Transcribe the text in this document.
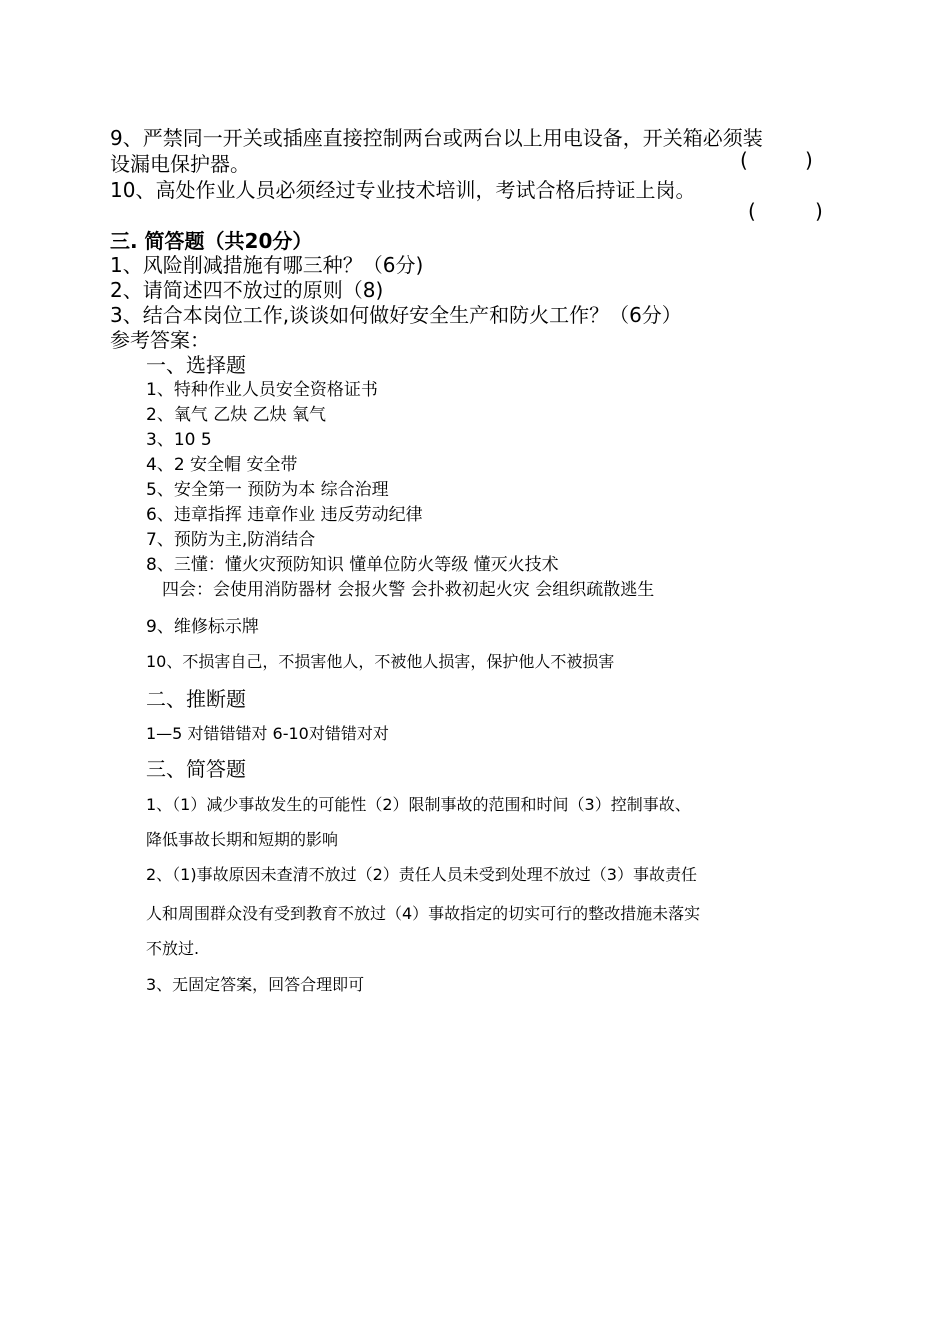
9、严禁同一开关或插座直接控制两台或两台以上用电设备，开关箱必须装
设漏电保护器。	(	)
10、高处作业人员必须经过专业技术培训，考试合格后持证上岗。
(	)
三. 简答题（共20分）
1、风险削减措施有哪三种？（6分)
2、请简述四不放过的原则（8)
3、结合本岗位工作,谈谈如何做好安全生产和防火工作？（6分）
参考答案：
一、选择题
1、特种作业人员安全资格证书
2、氧气 乙炔 乙炔 氧气
3、10 5
4、2 安全帽 安全带
5、安全第一 预防为本 综合治理
6、违章指挥 违章作业 违反劳动纪律
7、预防为主,防消结合
8、三懂：懂火灾预防知识 懂单位防火等级 懂灭火技术
四会：会使用消防器材 会报火警 会扑救初起火灾 会组织疏散逃生
9、维修标示牌
10、不损害自己，不损害他人，不被他人损害，保护他人不被损害
二、推断题
1—5 对错错错对 6-10对错错对对
三、简答题
1、（1）减少事故发生的可能性（2）限制事故的范围和时间（3）控制事故、
降低事故长期和短期的影响
2、（1)事故原因未查清不放过（2）责任人员未受到处理不放过（3）事故责任
人和周围群众没有受到教育不放过（4）事故指定的切实可行的整改措施未落实
不放过.
3、无固定答案，回答合理即可
